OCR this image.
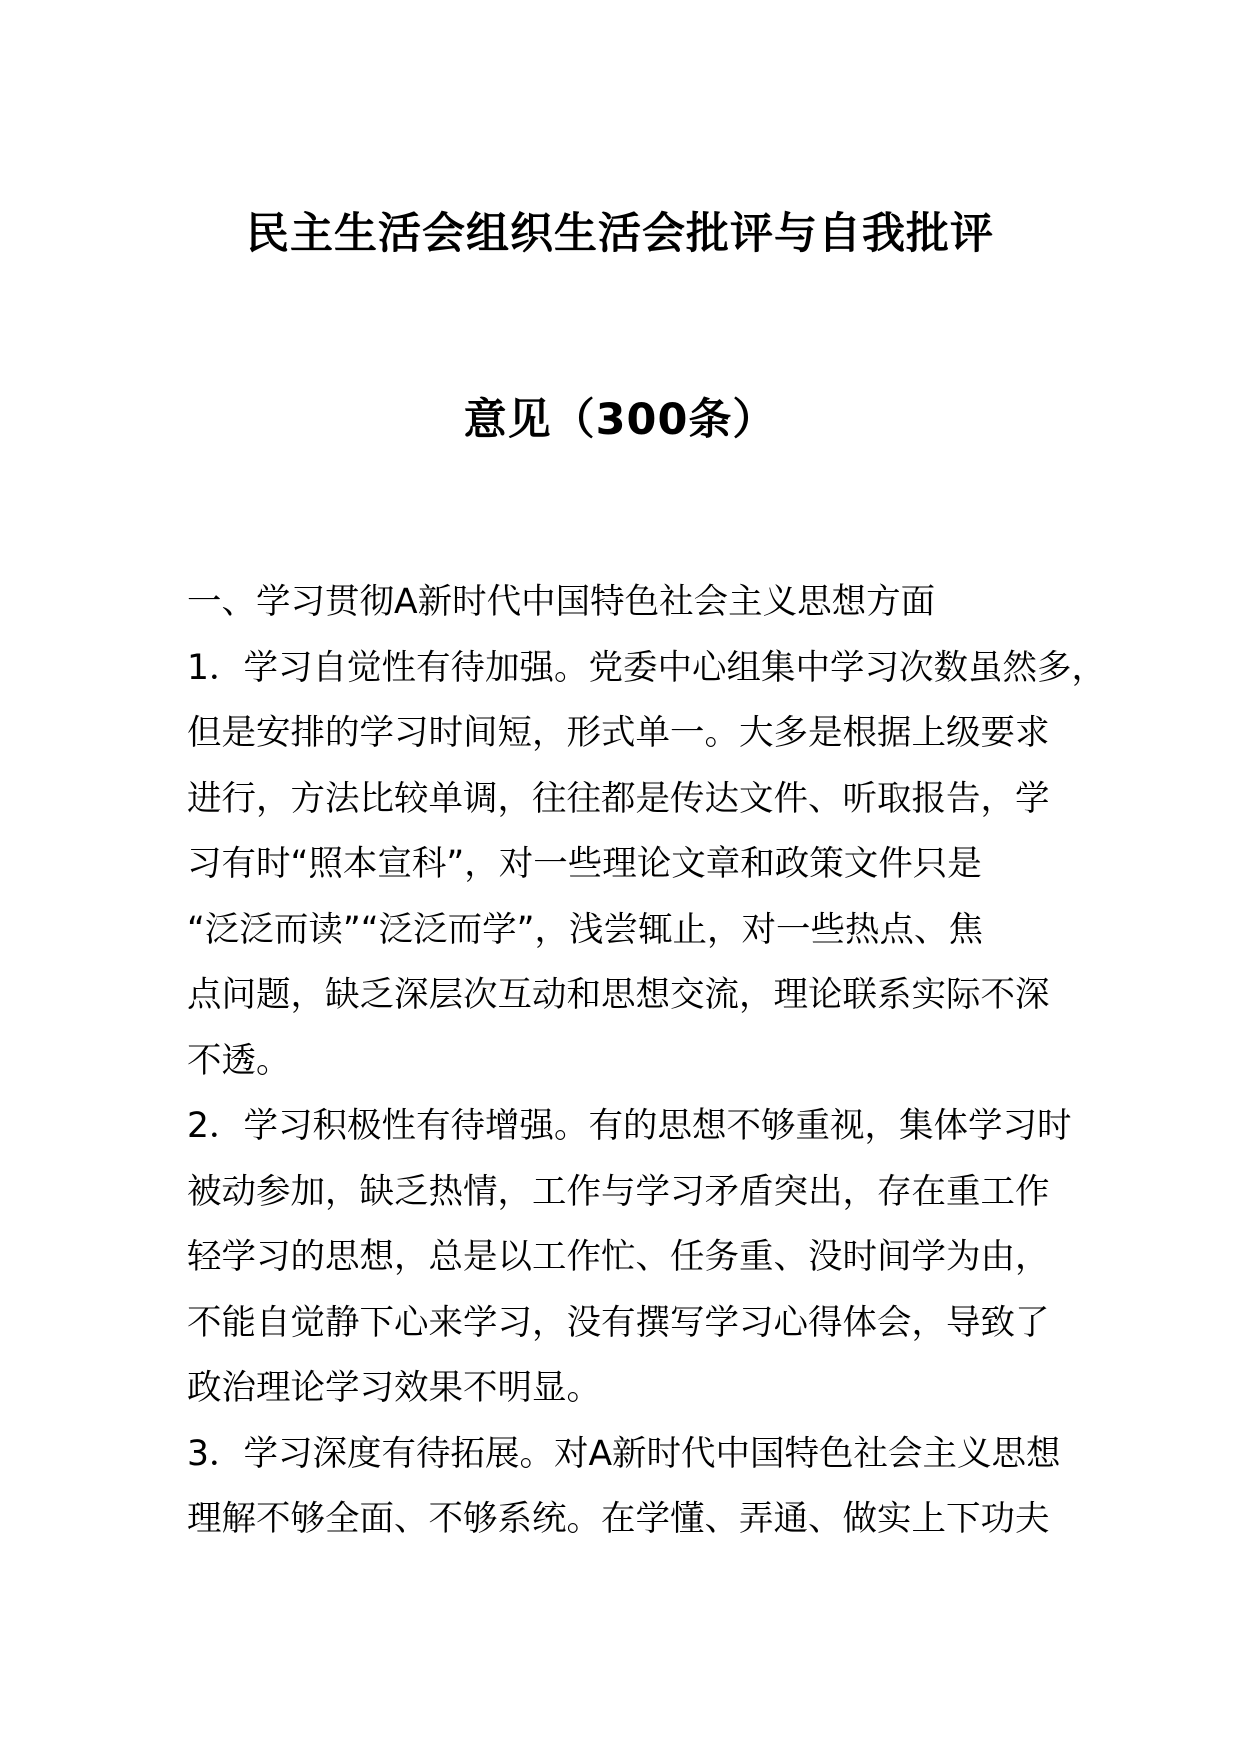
民主生活会组织生活会批评与自我批评
意见（300条）

一、学习贯彻A新时代中国特色社会主义思想方面

1．学习自觉性有待加强。党委中心组集中学习次数虽然多，

但是安排的学习时间短，形式单一。大多是根据上级要求

进行，方法比较单调，往往都是传达文件、听取报告，学

习有时“照本宣科”，对一些理论文章和政策文件只是

“泛泛而读”“泛泛而学”，浅尝辄止，对一些热点、焦

点问题，缺乏深层次互动和思想交流，理论联系实际不深

不透。

2．学习积极性有待增强。有的思想不够重视，集体学习时

被动参加，缺乏热情，工作与学习矛盾突出，存在重工作

轻学习的思想，总是以工作忙、任务重、没时间学为由，

不能自觉静下心来学习，没有撰写学习心得体会，导致了

政治理论学习效果不明显。

3．学习深度有待拓展。对A新时代中国特色社会主义思想

理解不够全面、不够系统。在学懂、弄通、做实上下功夫
